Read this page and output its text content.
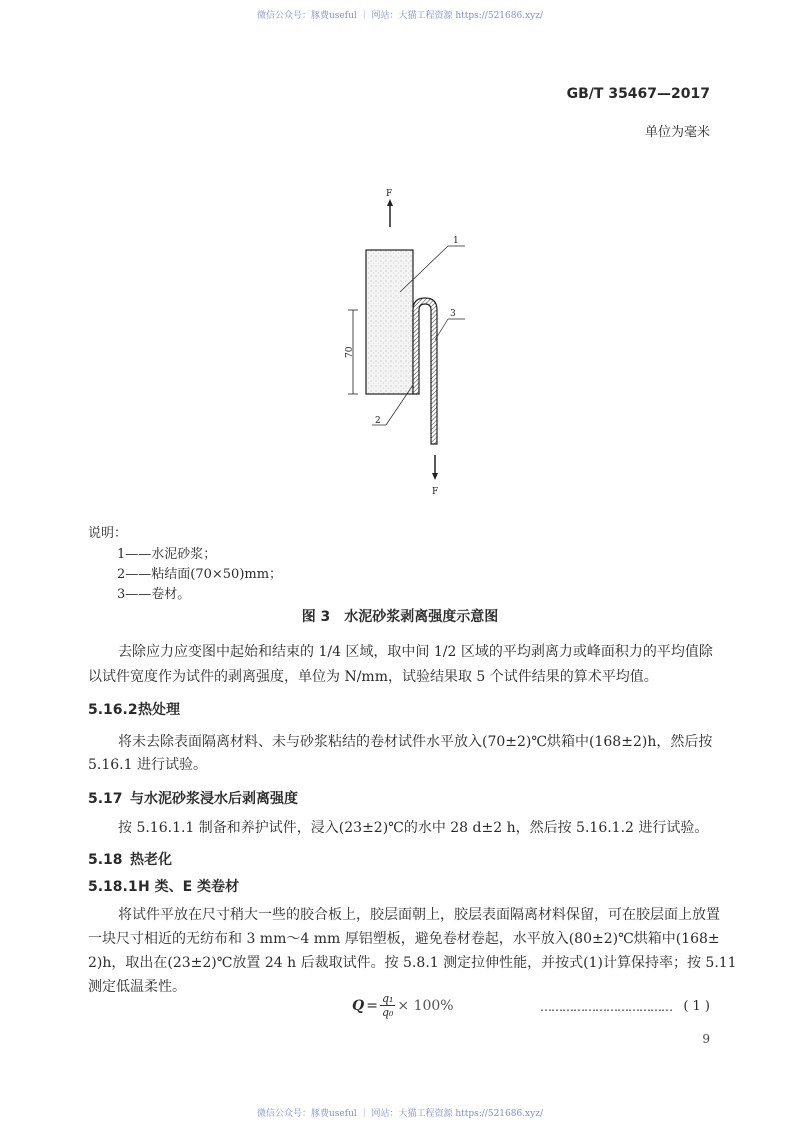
微信公众号：豚费useful ｜ 网站：大猫工程资源 https://521686.xyz/
GB/T 35467—2017
单位为毫米
F
70
1
3
2
F
说明：
1——水泥砂浆；
2——粘结面(70×50)mm；
3——卷材。
图 3　水泥砂浆剥离强度示意图
去除应力应变图中起始和结束的 1/4 区域，取中间 1/2 区域的平均剥离力或峰面积力的平均值除
以试件宽度作为试件的剥离强度，单位为 N/mm，试验结果取 5 个试件结果的算术平均值。
5.16.2热处理
将未去除表面隔离材料、未与砂浆粘结的卷材试件水平放入(70±2)℃烘箱中(168±2)h，然后按
5.16.1 进行试验。
5.17 与水泥砂浆浸水后剥离强度
按 5.16.1.1 制备和养护试件，浸入(23±2)℃的水中 28 d±2 h，然后按 5.16.1.2 进行试验。
5.18 热老化
5.18.1H 类、E 类卷材
将试件平放在尺寸稍大一些的胶合板上，胶层面朝上，胶层表面隔离材料保留，可在胶层面上放置
一块尺寸相近的无纺布和 3 mm～4 mm 厚铝塑板，避免卷材卷起，水平放入(80±2)℃烘箱中(168±
2)h，取出在(23±2)℃放置 24 h 后裁取试件。按 5.8.1 测定拉伸性能，并按式(1)计算保持率；按 5.11
测定低温柔性。
$Q = \frac{\text{q₁}}{\text{q₀}} \times 100\%$	……………………………… ( 1 )
9
微信公众号：豚费useful ｜ 网站：大猫工程资源 https://521686.xyz/
